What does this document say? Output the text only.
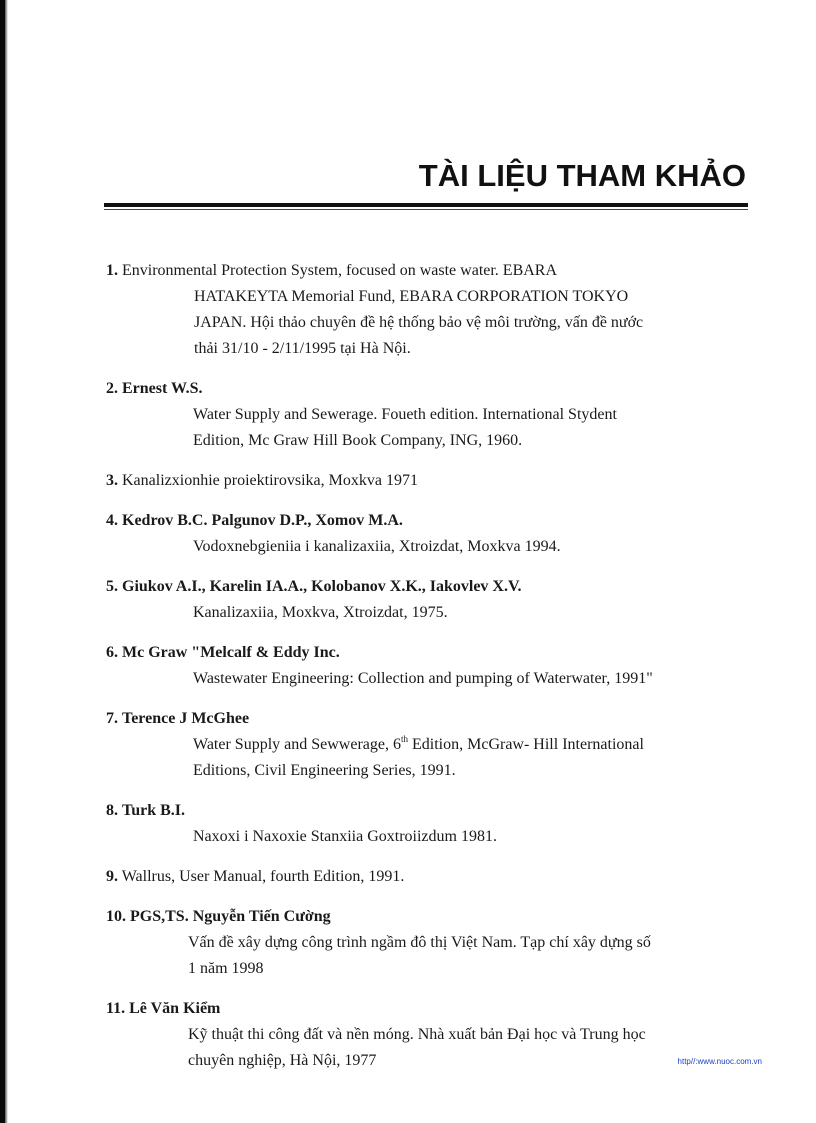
TÀI LIỆU THAM KHẢO
1. Environmental Protection System, focused on waste water. EBARA
HATAKEYTA Memorial Fund, EBARA CORPORATION TOKYO
JAPAN. Hội thảo chuyên đề hệ thống bảo vệ môi trường, vấn đề nước
thải 31/10 - 2/11/1995 tại Hà Nội.
2. Ernest W.S.
Water Supply and Sewerage. Foueth edition. International Stydent
Edition, Mc Graw Hill Book Company, ING, 1960.
3. Kanalizxionhie proiektirovsika, Moxkva 1971
4. Kedrov B.C. Palgunov D.P., Xomov M.A.
Vodoxnebgieniia i kanalizaxiia, Xtroizdat, Moxkva 1994.
5. Giukov A.I., Karelin IA.A., Kolobanov X.K., Iakovlev X.V.
Kanalizaxiia, Moxkva, Xtroizdat, 1975.
6. Mc Graw "Melcalf & Eddy Inc.
Wastewater Engineering: Collection and pumping of Waterwater, 1991"
7. Terence J McGhee
Water Supply and Sewwerage, 6th Edition, McGraw- Hill International
Editions, Civil Engineering Series, 1991.
8. Turk B.I.
Naxoxi i Naxoxie Stanxiia Goxtroiizdum 1981.
9. Wallrus, User Manual, fourth Edition, 1991.
10. PGS,TS. Nguyễn Tiến Cường
Vấn đề xây dựng công trình ngầm đô thị Việt Nam. Tạp chí xây dựng số
1 năm 1998
11. Lê Văn Kiểm
Kỹ thuật thi công đất và nền móng. Nhà xuất bản Đại học và Trung học
chuyên nghiệp, Hà Nội, 1977	http//:www.nuoc.com.vn
